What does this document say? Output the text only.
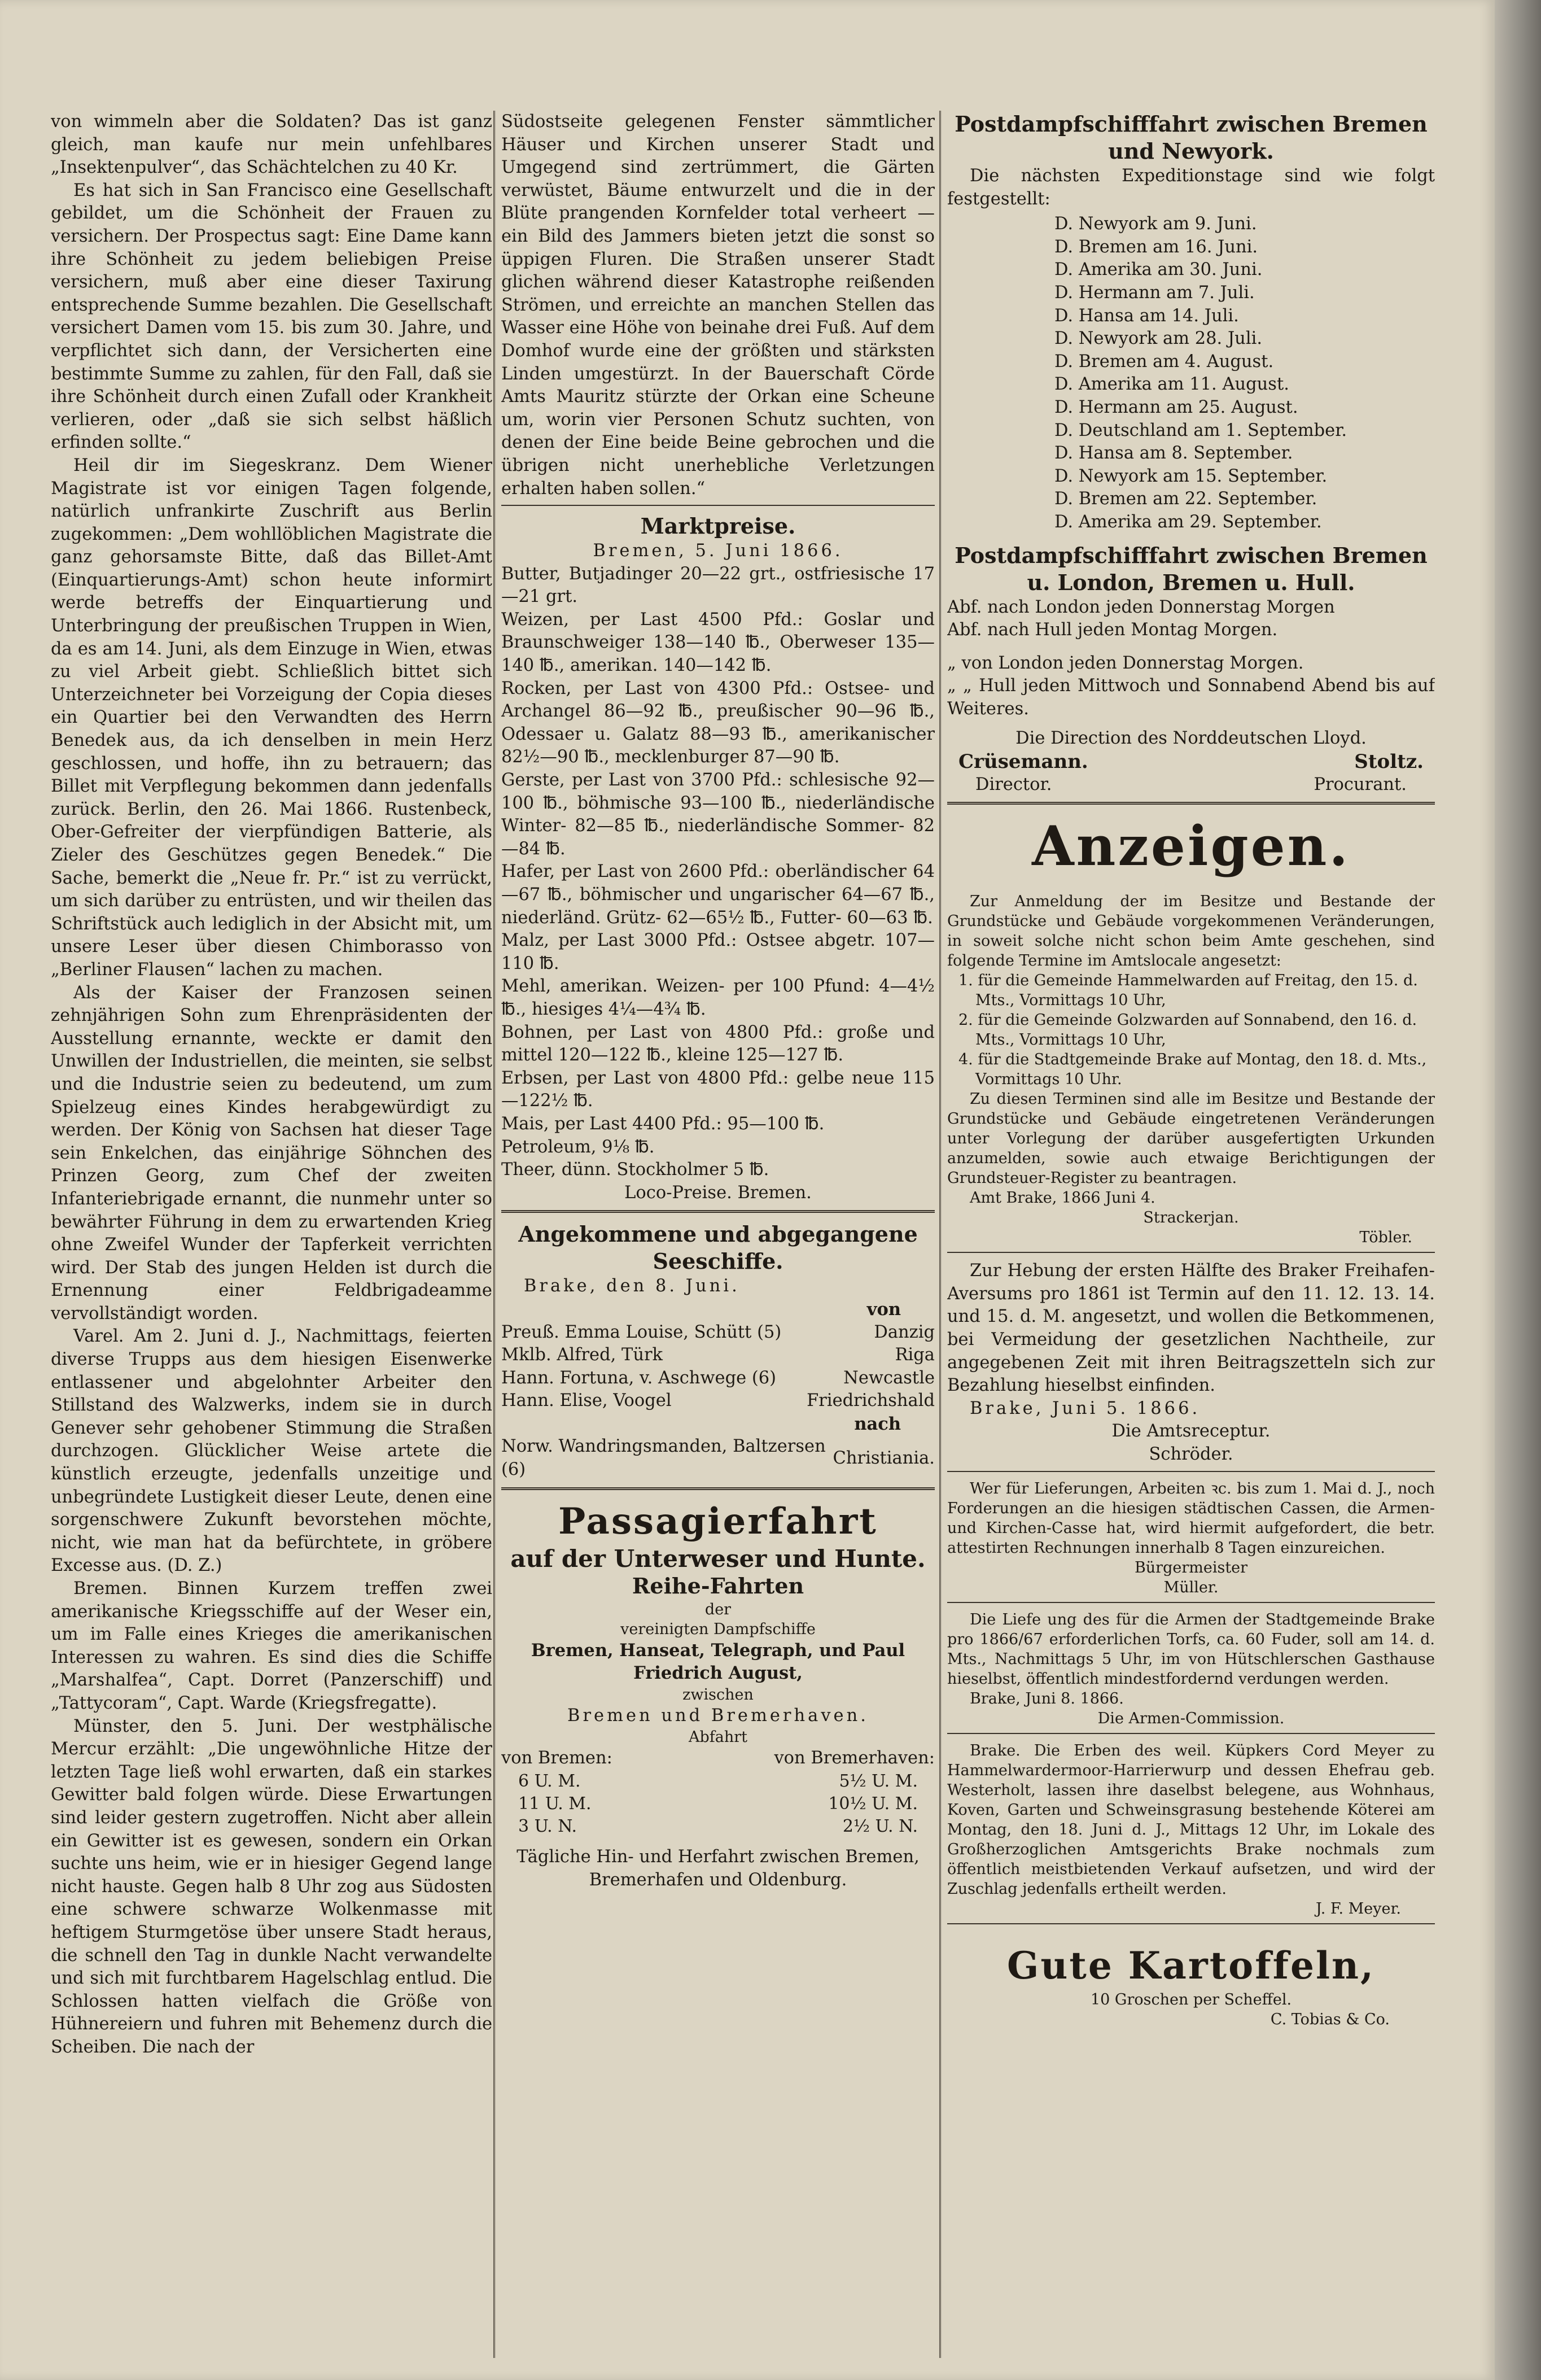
von wimmeln aber die Soldaten? Das ist ganz gleich, man kaufe nur mein unfehlbares „Insektenpulver“, das Schächtelchen zu 40 Kr.

Es hat sich in San Francisco eine Gesellschaft gebildet, um die Schönheit der Frauen zu versichern. Der Prospectus sagt: Eine Dame kann ihre Schönheit zu jedem beliebigen Preise versichern, muß aber eine dieser Taxirung entsprechende Summe bezahlen. Die Gesellschaft versichert Damen vom 15. bis zum 30. Jahre, und verpflichtet sich dann, der Versicherten eine bestimmte Summe zu zahlen, für den Fall, daß sie ihre Schönheit durch einen Zufall oder Krankheit verlieren, oder „daß sie sich selbst häßlich erfinden sollte.“

Heil dir im Siegeskranz. Dem Wiener Magistrate ist vor einigen Tagen folgende, natürlich unfrankirte Zuschrift aus Berlin zugekommen: „Dem wohllöblichen Magistrate die ganz gehorsamste Bitte, daß das Billet-Amt (Einquartierungs-Amt) schon heute informirt werde betreffs der Einquartierung und Unterbringung der preußischen Truppen in Wien, da es am 14. Juni, als dem Einzuge in Wien, etwas zu viel Arbeit giebt. Schließlich bittet sich Unterzeichneter bei Vorzeigung der Copia dieses ein Quartier bei den Verwandten des Herrn Benedek aus, da ich denselben in mein Herz geschlossen, und hoffe, ihn zu betrauern; das Billet mit Verpflegung bekommen dann jedenfalls zurück. Berlin, den 26. Mai 1866. Rustenbeck, Ober-Gefreiter der vierpfündigen Batterie, als Zieler des Geschützes gegen Benedek.“ Die Sache, bemerkt die „Neue fr. Pr.“ ist zu verrückt, um sich darüber zu entrüsten, und wir theilen das Schriftstück auch lediglich in der Absicht mit, um unsere Leser über diesen Chimborasso von „Berliner Flausen“ lachen zu machen.

Als der Kaiser der Franzosen seinen zehnjährigen Sohn zum Ehrenpräsidenten der Ausstellung ernannte, weckte er damit den Unwillen der Industriellen, die meinten, sie selbst und die Industrie seien zu bedeutend, um zum Spielzeug eines Kindes herabgewürdigt zu werden. Der König von Sachsen hat dieser Tage sein Enkelchen, das einjährige Söhnchen des Prinzen Georg, zum Chef der zweiten Infanteriebrigade ernannt, die nunmehr unter so bewährter Führung in dem zu erwartenden Krieg ohne Zweifel Wunder der Tapferkeit verrichten wird. Der Stab des jungen Helden ist durch die Ernennung einer Feldbrigadeamme vervollständigt worden.

Varel. Am 2. Juni d. J., Nachmittags, feierten diverse Trupps aus dem hiesigen Eisenwerke entlassener und abgelohnter Arbeiter den Stillstand des Walzwerks, indem sie in durch Genever sehr gehobener Stimmung die Straßen durchzogen. Glücklicher Weise artete die künstlich erzeugte, jedenfalls unzeitige und unbegründete Lustigkeit dieser Leute, denen eine sorgenschwere Zukunft bevorstehen möchte, nicht, wie man hat da befürchtete, in gröbere Excesse aus. (D. Z.)

Bremen. Binnen Kurzem treffen zwei amerikanische Kriegsschiffe auf der Weser ein, um im Falle eines Krieges die amerikanischen Interessen zu wahren. Es sind dies die Schiffe „Marshalfea“, Capt. Dorret (Panzerschiff) und „Tattycoram“, Capt. Warde (Kriegsfregatte).

Münster, den 5. Juni. Der westphälische Mercur erzählt: „Die ungewöhnliche Hitze der letzten Tage ließ wohl erwarten, daß ein starkes Gewitter bald folgen würde. Diese Erwartungen sind leider gestern zugetroffen. Nicht aber allein ein Gewitter ist es gewesen, sondern ein Orkan suchte uns heim, wie er in hiesiger Gegend lange nicht hauste. Gegen halb 8 Uhr zog aus Südosten eine schwere schwarze Wolkenmasse mit heftigem Sturmgetöse über unsere Stadt heraus, die schnell den Tag in dunkle Nacht verwandelte und sich mit furchtbarem Hagelschlag entlud. Die Schlossen hatten vielfach die Größe von Hühnereiern und fuhren mit Behemenz durch die Scheiben. Die nach der

Südostseite gelegenen Fenster sämmtlicher Häuser und Kirchen unserer Stadt und Umgegend sind zertrümmert, die Gärten verwüstet, Bäume entwurzelt und die in der Blüte prangenden Kornfelder total verheert — ein Bild des Jammers bieten jetzt die sonst so üppigen Fluren. Die Straßen unserer Stadt glichen während dieser Katastrophe reißenden Strömen, und erreichte an manchen Stellen das Wasser eine Höhe von beinahe drei Fuß. Auf dem Domhof wurde eine der größten und stärksten Linden umgestürzt. In der Bauerschaft Cörde Amts Mauritz stürzte der Orkan eine Scheune um, worin vier Personen Schutz suchten, von denen der Eine beide Beine gebrochen und die übrigen nicht unerhebliche Verletzungen erhalten haben sollen.“

Marktpreise.

Bremen, 5. Juni 1866.

Butter, Butjadinger 20—22 grt., ostfriesische 17—21 grt.

Weizen, per Last 4500 Pfd.: Goslar und Braunschweiger 138—140 ℔., Oberweser 135—140 ℔., amerikan. 140—142 ℔.

Rocken, per Last von 4300 Pfd.: Ostsee- und Archangel 86—92 ℔., preußischer 90—96 ℔., Odessaer u. Galatz 88—93 ℔., amerikanischer 82½—90 ℔., mecklenburger 87—90 ℔.

Gerste, per Last von 3700 Pfd.: schlesische 92—100 ℔., böhmische 93—100 ℔., niederländische Winter- 82—85 ℔., niederländische Sommer- 82—84 ℔.

Hafer, per Last von 2600 Pfd.: oberländischer 64—67 ℔., böhmischer und ungarischer 64—67 ℔., niederländ. Grütz- 62—65½ ℔., Futter- 60—63 ℔.

Malz, per Last 3000 Pfd.: Ostsee abgetr. 107—110 ℔.

Mehl, amerikan. Weizen- per 100 Pfund: 4—4½ ℔., hiesiges 4¼—4¾ ℔.

Bohnen, per Last von 4800 Pfd.: große und mittel 120—122 ℔., kleine 125—127 ℔.

Erbsen, per Last von 4800 Pfd.: gelbe neue 115—122½ ℔.

Mais, per Last 4400 Pfd.: 95—100 ℔.

Petroleum, 9⅛ ℔.

Theer, dünn. Stockholmer 5 ℔.

Loco-Preise. Bremen.

Angekommene und abgegangene Seeschiffe.

Brake, den 8. Juni.

von

Preuß. Emma Louise, Schütt (5)	Danzig
Mklb. Alfred, Türk	Riga
Hann. Fortuna, v. Aschwege (6)	Newcastle
Hann. Elise, Voogel	Friedrichshald

nach

Norw. Wandringsmanden, Baltzersen (6)	Christiania.
Passagierfahrt
auf der Unterweser und Hunte.
Reihe-Fahrten

der

vereinigten Dampfschiffe

Bremen, Hanseat, Telegraph, und Paul Friedrich August,

zwischen

Bremen und Bremerhaven.

Abfahrt

von Bremen:	von Bremerhaven:
6 U. M.	5½ U. M.
11 U. M.	10½ U. M.
3 U. N.	2½ U. N.

Tägliche Hin- und Herfahrt zwischen Bremen, Bremerhafen und Oldenburg.

Postdampfschifffahrt zwischen Bremen und Newyork.

Die nächsten Expeditionstage sind wie folgt festgestellt:

D. Newyork am 9. Juni.
D. Bremen am 16. Juni.
D. Amerika am 30. Juni.
D. Hermann am 7. Juli.
D. Hansa am 14. Juli.
D. Newyork am 28. Juli.
D. Bremen am 4. August.
D. Amerika am 11. August.
D. Hermann am 25. August.
D. Deutschland am 1. September.
D. Hansa am 8. September.
D. Newyork am 15. September.
D. Bremen am 22. September.
D. Amerika am 29. September.
Postdampfschifffahrt zwischen Bremen u. London, Bremen u. Hull.

Abf. nach London jeden Donnerstag Morgen

Abf. nach Hull jeden Montag Morgen.

„ von London jeden Donnerstag Morgen.

„ „ Hull jeden Mittwoch und Sonnabend Abend bis auf Weiteres.

Die Direction des Norddeutschen Lloyd.

Crüsemann.	Stoltz.
Director.	Procurant.
Anzeigen.

Zur Anmeldung der im Besitze und Bestande der Grundstücke und Gebäude vorgekommenen Veränderungen, in soweit solche nicht schon beim Amte geschehen, sind folgende Termine im Amtslocale angesetzt:

1. für die Gemeinde Hammelwarden auf Freitag, den 15. d. Mts., Vormittags 10 Uhr,
2. für die Gemeinde Golzwarden auf Sonnabend, den 16. d. Mts., Vormittags 10 Uhr,
4. für die Stadtgemeinde Brake auf Montag, den 18. d. Mts., Vormittags 10 Uhr.

Zu diesen Terminen sind alle im Besitze und Bestande der Grundstücke und Gebäude eingetretenen Veränderungen unter Vorlegung der darüber ausgefertigten Urkunden anzumelden, sowie auch etwaige Berichtigungen der Grundsteuer-Register zu beantragen.

Amt Brake, 1866 Juni 4.

Strackerjan.

Töbler.

Zur Hebung der ersten Hälfte des Braker Freihafen-Aversums pro 1861 ist Termin auf den 11. 12. 13. 14. und 15. d. M. angesetzt, und wollen die Betkommenen, bei Vermeidung der gesetzlichen Nachtheile, zur angegebenen Zeit mit ihren Beitragszetteln sich zur Bezahlung hieselbst einfinden.

Brake, Juni 5. 1866.

Die Amtsreceptur.

Schröder.

Wer für Lieferungen, Arbeiten ꝛc. bis zum 1. Mai d. J., noch Forderungen an die hiesigen städtischen Cassen, die Armen- und Kirchen-Casse hat, wird hiermit aufgefordert, die betr. attestirten Rechnungen innerhalb 8 Tagen einzureichen.

Bürgermeister

Müller.

Die Liefe ung des für die Armen der Stadtgemeinde Brake pro 1866/67 erforderlichen Torfs, ca. 60 Fuder, soll am 14. d. Mts., Nachmittags 5 Uhr, im von Hütschlerschen Gasthause hieselbst, öffentlich mindestfordernd verdungen werden.

Brake, Juni 8. 1866.

Die Armen-Commission.

Brake. Die Erben des weil. Küpkers Cord Meyer zu Hammelwardermoor-Harrierwurp und dessen Ehefrau geb. Westerholt, lassen ihre daselbst belegene, aus Wohnhaus, Koven, Garten und Schweinsgrasung bestehende Köterei am Montag, den 18. Juni d. J., Mittags 12 Uhr, im Lokale des Großherzoglichen Amtsgerichts Brake nochmals zum öffentlich meistbietenden Verkauf aufsetzen, und wird der Zuschlag jedenfalls ertheilt werden.

J. F. Meyer.

Gute Kartoffeln,

10 Groschen per Scheffel.

C. Tobias & Co.
